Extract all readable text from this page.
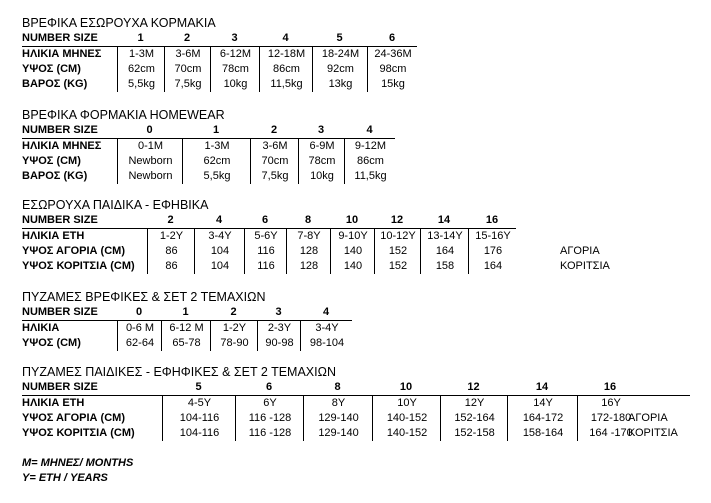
ΒΡΕΦΙΚΑ ΕΣΩΡΟΥΧΑ ΚΟΡΜΑΚΙΑ
NUMBER SIZE	1	2	3	4	5	6
ΗΛΙΚΙΑ ΜΗΝΕΣ	1-3M	3-6M	6-12M	12-18M	18-24M	24-36M
ΥΨΟΣ (CM)	62cm	70cm	78cm	86cm	92cm	98cm
ΒΑΡΟΣ (KG)	5,5kg	7,5kg	10kg	11,5kg	13kg	15kg
ΒΡΕΦΙΚΑ ΦΟΡΜΑΚΙΑ HOMEWEAR
NUMBER SIZE	0	1	2	3	4
ΗΛΙΚΙΑ ΜΗΝΕΣ	0-1M	1-3M	3-6M	6-9M	9-12M
ΥΨΟΣ (CM)	Newborn	62cm	70cm	78cm	86cm
ΒΑΡΟΣ (KG)	Newborn	5,5kg	7,5kg	10kg	11,5kg
ΕΣΩΡΟΥΧΑ ΠΑΙΔΙΚΑ - ΕΦΗΒΙΚΑ
NUMBER SIZE	2	4	6	8	10	12	14	16
ΗΛΙΚΙΑ ΕΤΗ	1-2Y	3-4Y	5-6Y	7-8Y	9-10Y	10-12Y	13-14Y	15-16Y
ΥΨΟΣ ΑΓΟΡΙΑ (CM)	86	104	116	128	140	152	164	176	ΑΓΟΡΙΑ
ΥΨΟΣ ΚΟΡΙΤΣΙΑ (CM)	86	104	116	128	140	152	158	164	ΚΟΡΙΤΣΙΑ
ΠΥΖΑΜΕΣ ΒΡΕΦΙΚΕΣ & ΣΕΤ 2 ΤΕΜΑΧΙΩΝ
NUMBER SIZE	0	1	2	3	4
ΗΛΙΚΙΑ	0-6 M	6-12 M	1-2Y	2-3Y	3-4Y
ΥΨΟΣ (CM)	62-64	65-78	78-90	90-98	98-104
ΠΥΖΑΜΕΣ ΠΑΙΔΙΚΕΣ - ΕΦΗΦΙΚΕΣ & ΣΕΤ 2 ΤΕΜΑΧΙΩΝ
NUMBER SIZE	5	6	8	10	12	14	16
ΗΛΙΚΙΑ ΕΤΗ	4-5Y	6Y	8Y	10Y	12Y	14Y	16Y
ΥΨΟΣ ΑΓΟΡΙΑ (CM)	104-116	116 -128	129-140	140-152	152-164	164-172	172-180
ΑΓΟΡΙΑ
ΥΨΟΣ ΚΟΡΙΤΣΙΑ (CM)	104-116	116 -128	129-140	140-152	152-158	158-164	164 -170
ΚΟΡΙΤΣΙΑ
M= ΜΗΝΕΣ/ MONTHS
Y= ΕΤΗ / YEARS
